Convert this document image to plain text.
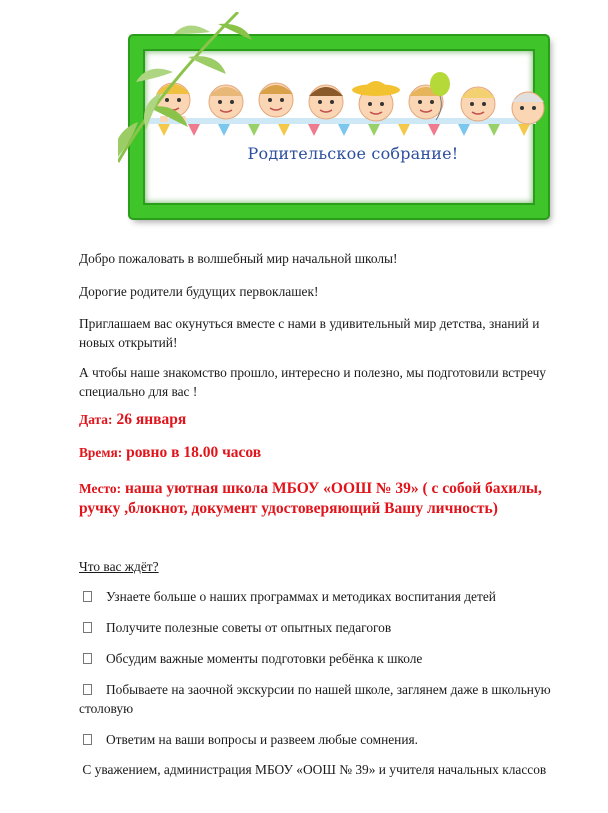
Родительское собрание!

Добро пожаловать в волшебный мир начальной школы!

Дорогие родители будущих первоклашек!

Приглашаем вас окунуться вместе с нами в удивительный мир детства, знаний и новых открытий!

А чтобы наше знакомство прошло, интересно и полезно, мы подготовили встречу специально для вас !

Дата: 26 января

Время: ровно в 18.00 часов

Место: наша уютная школа МБОУ «ООШ № 39» ( с собой бахилы, ручку ,блокнот, документ удостоверяющий Вашу личность)

Что вас ждёт?

Узнаете больше о наших программах и методиках воспитания детей

Получите полезные советы от опытных педагогов

Обсудим важные моменты подготовки ребёнка к школе

Побываете на заочной экскурсии по нашей школе, заглянем даже в школьную столовую

Ответим на ваши вопросы и развеем любые сомнения.

С уважением, администрация МБОУ «ООШ № 39» и учителя начальных классов
